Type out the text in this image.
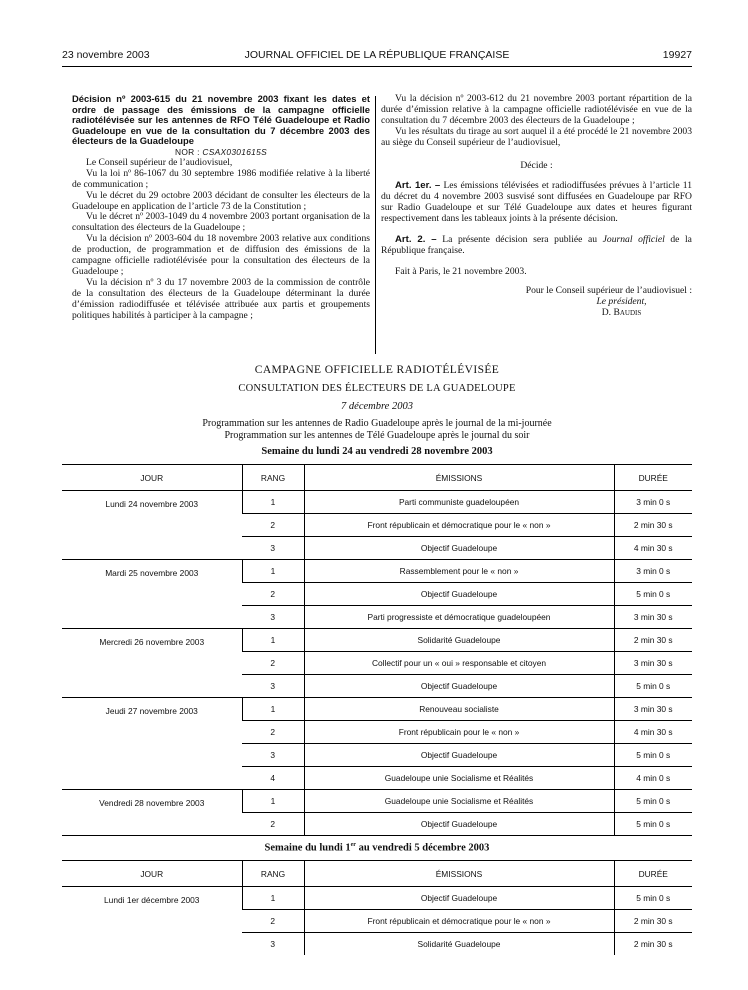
23 novembre 2003	JOURNAL OFFICIEL DE LA RÉPUBLIQUE FRANÇAISE	19927

Décision nº 2003-615 du 21 novembre 2003 fixant les dates et ordre de passage des émissions de la campagne officielle radiotélévisée sur les antennes de RFO Télé Guadeloupe et Radio Guadeloupe en vue de la consultation du 7 décembre 2003 des électeurs de la Guadeloupe

NOR : CSAX0301615S

Le Conseil supérieur de l’audiovisuel,

Vu la loi nº 86-1067 du 30 septembre 1986 modifiée relative à la liberté de communication ;

Vu le décret du 29 octobre 2003 décidant de consulter les électeurs de la Guadeloupe en application de l’article 73 de la Constitution ;

Vu le décret nº 2003-1049 du 4 novembre 2003 portant organisation de la consultation des électeurs de la Guadeloupe ;

Vu la décision nº 2003-604 du 18 novembre 2003 relative aux conditions de production, de programmation et de diffusion des émissions de la campagne officielle radiotélévisée pour la consultation des électeurs de la Guadeloupe ;

Vu la décision nº 3 du 17 novembre 2003 de la commission de contrôle de la consultation des électeurs de la Guadeloupe déterminant la durée d’émission radiodiffusée et télévisée attribuée aux partis et groupements politiques habilités à participer à la campagne ;

Vu la décision nº 2003-612 du 21 novembre 2003 portant répartition de la durée d’émission relative à la campagne officielle radiotélévisée en vue de la consultation du 7 décembre 2003 des électeurs de la Guadeloupe ;

Vu les résultats du tirage au sort auquel il a été procédé le 21 novembre 2003 au siège du Conseil supérieur de l’audiovisuel,

Décide :

Art. 1er. – Les émissions télévisées et radiodiffusées prévues à l’article 11 du décret du 4 novembre 2003 susvisé sont diffusées en Guadeloupe par RFO sur Radio Guadeloupe et sur Télé Guadeloupe aux dates et heures figurant respectivement dans les tableaux joints à la présente décision.

Art. 2. – La présente décision sera publiée au Journal officiel de la République française.

Fait à Paris, le 21 novembre 2003.

Pour le Conseil supérieur de l’audiovisuel :

Le président,

D. Baudis

CAMPAGNE OFFICIELLE RADIOTÉLÉVISÉE
CONSULTATION DES ÉLECTEURS DE LA GUADELOUPE
7 décembre 2003
Programmation sur les antennes de Radio Guadeloupe après le journal de la mi-journée
Programmation sur les antennes de Télé Guadeloupe après le journal du soir
Semaine du lundi 24 au vendredi 28 novembre 2003
JOUR	RANG	ÉMISSIONS	DURÉE
Lundi 24 novembre 2003	1	Parti communiste guadeloupéen	3 min 0 s
	2	Front républicain et démocratique pour le « non »	2 min 30 s
	3	Objectif Guadeloupe	4 min 30 s
Mardi 25 novembre 2003	1	Rassemblement pour le « non »	3 min 0 s
	2	Objectif Guadeloupe	5 min 0 s
	3	Parti progressiste et démocratique guadeloupéen	3 min 30 s
Mercredi 26 novembre 2003	1	Solidarité Guadeloupe	2 min 30 s
	2	Collectif pour un « oui » responsable et citoyen	3 min 30 s
	3	Objectif Guadeloupe	5 min 0 s
Jeudi 27 novembre 2003	1	Renouveau socialiste	3 min 30 s
	2	Front républicain pour le « non »	4 min 30 s
	3	Objectif Guadeloupe	5 min 0 s
	4	Guadeloupe unie Socialisme et Réalités	4 min 0 s
Vendredi 28 novembre 2003	1	Guadeloupe unie Socialisme et Réalités	5 min 0 s
	2	Objectif Guadeloupe	5 min 0 s
Semaine du lundi 1er au vendredi 5 décembre 2003
JOUR	RANG	ÉMISSIONS	DURÉE
Lundi 1er décembre 2003	1	Objectif Guadeloupe	5 min 0 s
	2	Front républicain et démocratique pour le « non »	2 min 30 s
	3	Solidarité Guadeloupe	2 min 30 s
